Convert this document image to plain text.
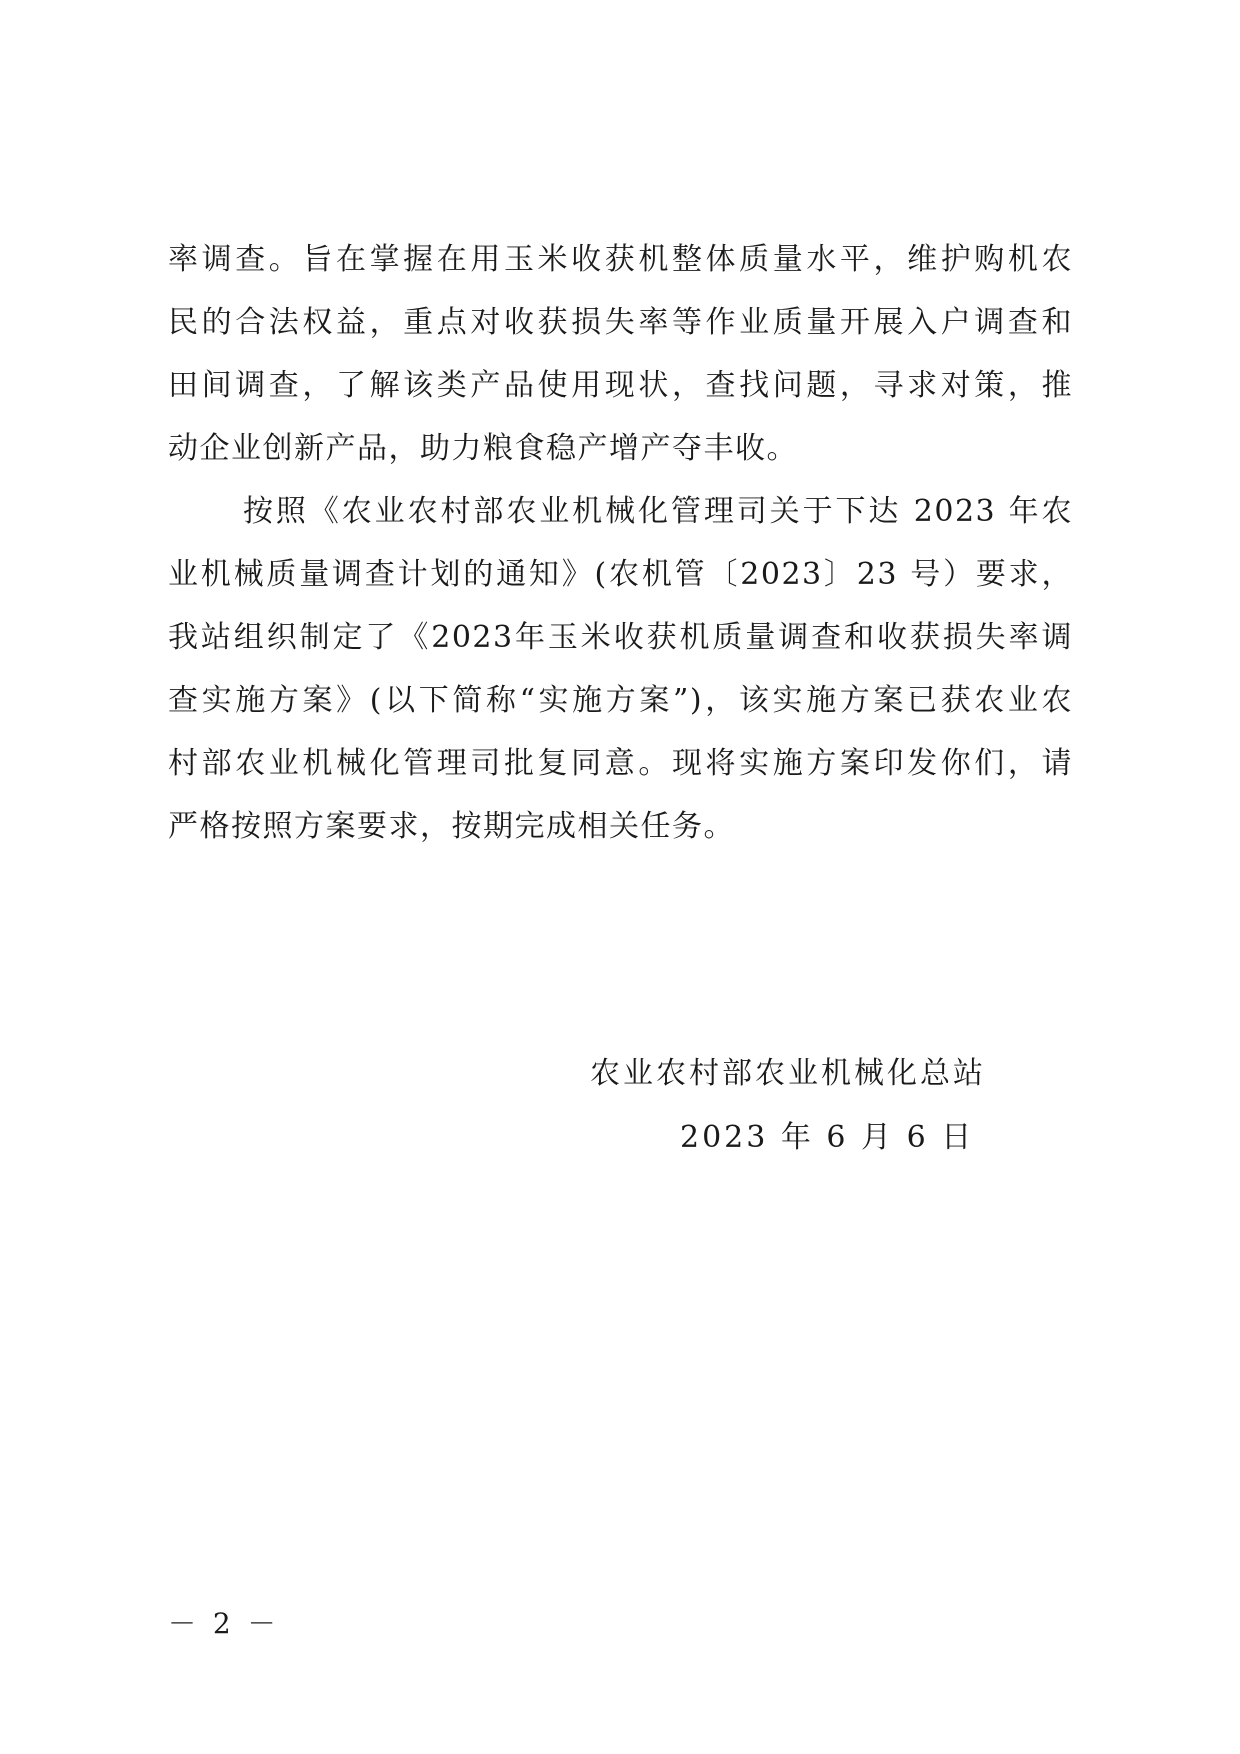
率调查。旨在掌握在用玉米收获机整体质量水平，维护购机农
民的合法权益，重点对收获损失率等作业质量开展入户调查和
田间调查，了解该类产品使用现状，查找问题，寻求对策，推
动企业创新产品，助力粮食稳产增产夺丰收。
按照《农业农村部农业机械化管理司关于下达 2023 年农
业机械质量调查计划的通知》(农机管〔2023〕23 号）要求，
我站组织制定了《2023年玉米收获机质量调查和收获损失率调
查实施方案》(以下简称“实施方案”)，该实施方案已获农业农
村部农业机械化管理司批复同意。现将实施方案印发你们，请
严格按照方案要求，按期完成相关任务。
农业农村部农业机械化总站
2023 年 6 月 6 日
－ 2 －
